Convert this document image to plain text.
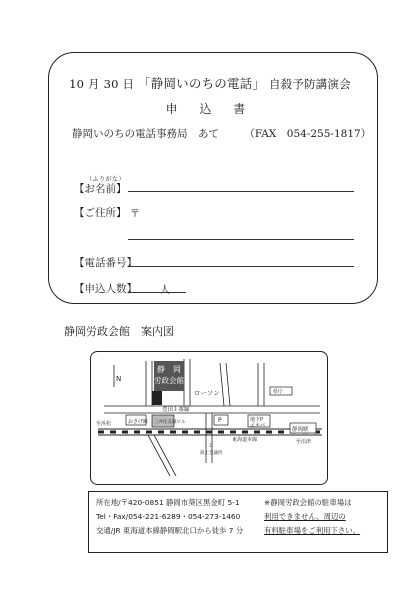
10 月 30 日 「静岡いのちの電話」 自殺予防講演会
申 込 書
静岡いのちの電話事務局　あて （FAX　054-255-1817）
（ふりがな）
【お名前】
【ご住所】 〒
【電話番号】
【申込人数】 人
静岡労政会館　案内図
静　岡
労政会館
N
ローソン	県庁
豊田１番線
おさげ跡 三井住友銀ビル	P	地下P
エキパ
東海道本線
静岡駅
至浜松
至沼津
工
商工会議所
所在地/〒420-0851 静岡市葵区黒金町 5-1
Tel・Fax/054-221-6289・054-273-1460
交通/JR 東海道本線静岡駅北口から徒歩 7 分
※静岡労政会館の駐車場は
利用できません。周辺の
有料駐車場をご利用下さい。
